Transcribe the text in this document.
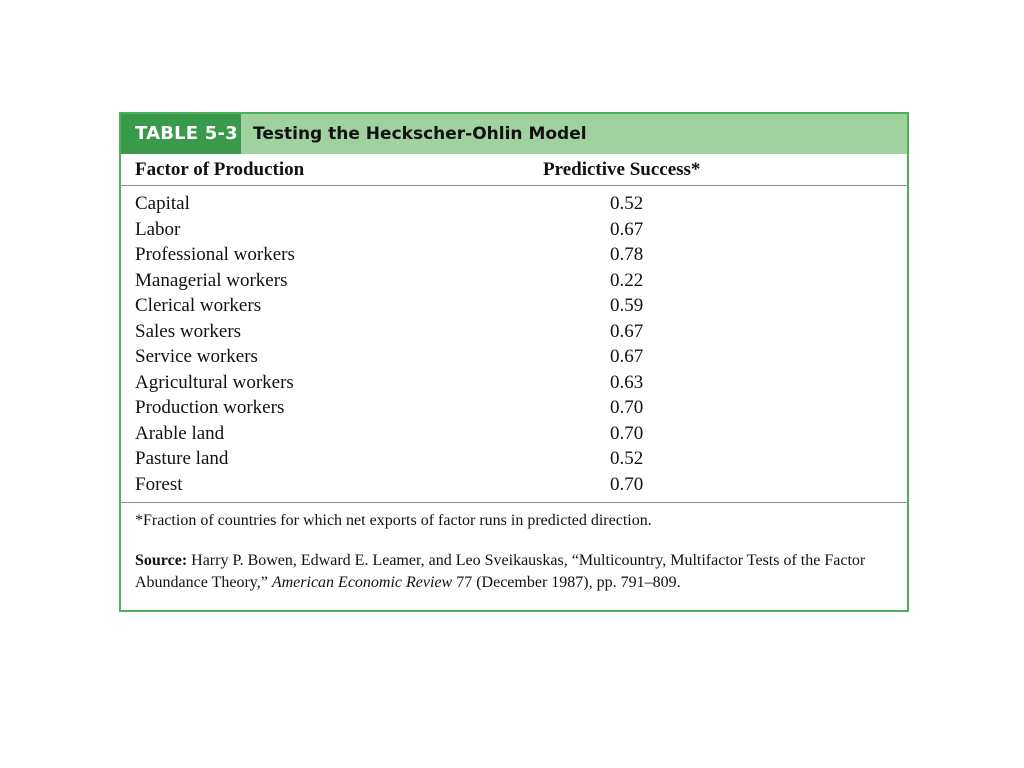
TABLE 5-3 Testing the Heckscher-Ohlin Model
Factor of Production	Predictive Success*
Capital	0.52
Labor	0.67
Professional workers	0.78
Managerial workers	0.22
Clerical workers	0.59
Sales workers	0.67
Service workers	0.67
Agricultural workers	0.63
Production workers	0.70
Arable land	0.70
Pasture land	0.52
Forest	0.70
*Fraction of countries for which net exports of factor runs in predicted direction.
Source: Harry P. Bowen, Edward E. Leamer, and Leo Sveikauskas, “Multicountry, Multifactor Tests of the Factor Abundance Theory,” American Economic Review 77 (December 1987), pp. 791–809.
